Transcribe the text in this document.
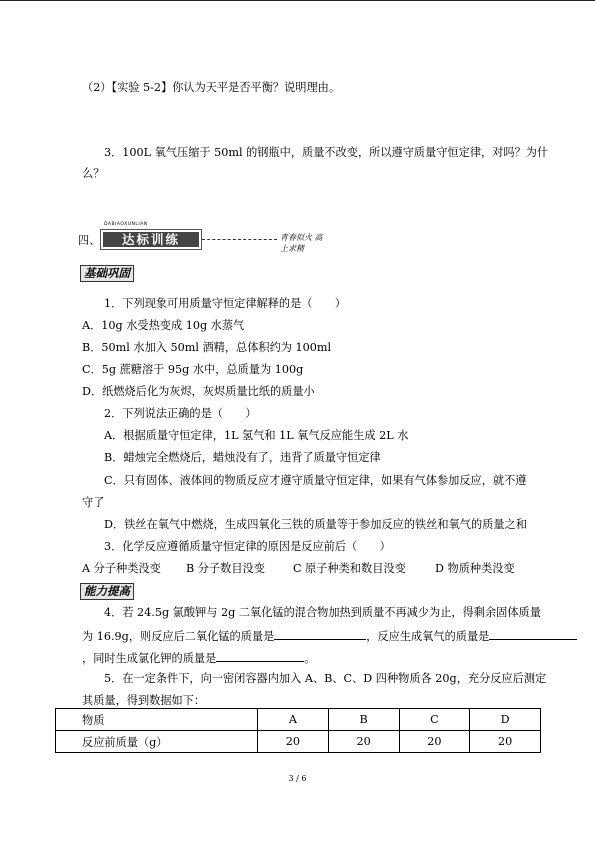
（2）【实验 5-2】你认为天平是否平衡？说明理由。
3．100L 氧气压缩于 50ml 的钢瓶中，质量不改变，所以遵守质量守恒定律，对吗？为什
么？
四、
DABIAOXUNLIAN
达标训练	青春似火 高上求精
基础巩固
1．下列现象可用质量守恒定律解释的是（　　）
A．10g 水受热变成 10g 水蒸气
B．50ml 水加入 50ml 酒精，总体积约为 100ml
C．5g 蔗糖溶于 95g 水中，总质量为 100g
D．纸燃烧后化为灰烬，灰烬质量比纸的质量小
2．下列说法正确的是（　　）
A．根据质量守恒定律，1L 氢气和 1L 氧气反应能生成 2L 水
B．蜡烛完全燃烧后，蜡烛没有了，违背了质量守恒定律
C．只有固体、液体间的物质反应才遵守质量守恒定律，如果有气体参加反应，就不遵
守了
D．铁丝在氧气中燃烧，生成四氧化三铁的质量等于参加反应的铁丝和氧气的质量之和
3．化学反应遵循质量守恒定律的原因是反应前后（　　）
A 分子种类没变 B 分子数目没变	C 原子种类和数目没变	D 物质种类没变
能力提高
4．若 24.5g 氯酸钾与 2g 二氧化锰的混合物加热到质量不再减少为止，得剩余固体质量
为 16.9g，则反应后二氧化锰的质量是	，反应生成氧气的质量是
，同时生成氯化钾的质量是	。
5．在一定条件下，向一密闭容器内加入 A、B、C、D 四种物质各 20g，充分反应后测定
其质量，得到数据如下：
物质	A	B	C	D
反应前质量（g）	20	20	20	20
3 / 6
